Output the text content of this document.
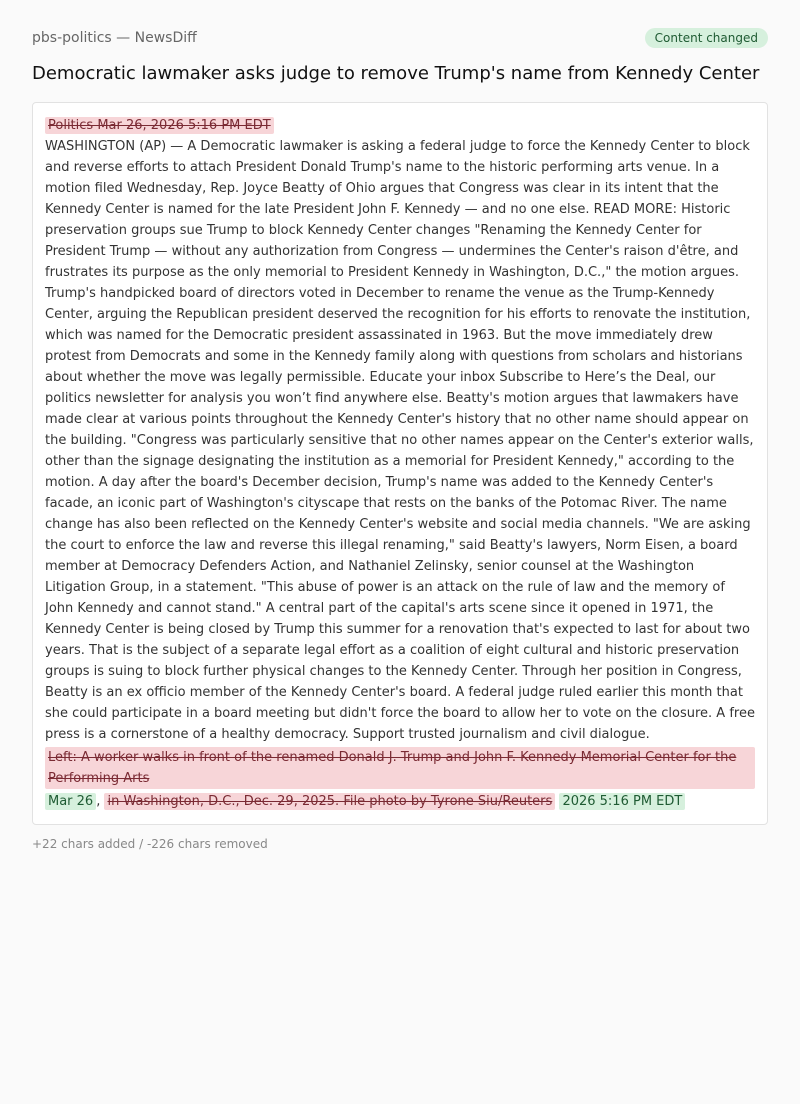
pbs-politics — NewsDiff	Content changed
Democratic lawmaker asks judge to remove Trump's name from Kennedy Center
Politics Mar 26, 2026 5:16 PM EDT
WASHINGTON (AP) — A Democratic lawmaker is asking a federal judge to force the Kennedy Center to block and reverse efforts to attach President Donald Trump's name to the historic performing arts venue. In a motion filed Wednesday, Rep. Joyce Beatty of Ohio argues that Congress was clear in its intent that the Kennedy Center is named for the late President John F. Kennedy — and no one else. READ MORE: Historic preservation groups sue Trump to block Kennedy Center changes "Renaming the Kennedy Center for President Trump — without any authorization from Congress — undermines the Center's raison d'être, and frustrates its purpose as the only memorial to President Kennedy in Washington, D.C.," the motion argues. Trump's handpicked board of directors voted in December to rename the venue as the Trump-Kennedy Center, arguing the Republican president deserved the recognition for his efforts to renovate the institution, which was named for the Democratic president assassinated in 1963. But the move immediately drew protest from Democrats and some in the Kennedy family along with questions from scholars and historians about whether the move was legally permissible. Educate your inbox Subscribe to Here’s the Deal, our politics newsletter for analysis you won’t find anywhere else. Beatty's motion argues that lawmakers have made clear at various points throughout the Kennedy Center's history that no other name should appear on the building. "Congress was particularly sensitive that no other names appear on the Center's exterior walls, other than the signage designating the institution as a memorial for President Kennedy," according to the motion. A day after the board's December decision, Trump's name was added to the Kennedy Center's facade, an iconic part of Washington's cityscape that rests on the banks of the Potomac River. The name change has also been reflected on the Kennedy Center's website and social media channels. "We are asking the court to enforce the law and reverse this illegal renaming," said Beatty's lawyers, Norm Eisen, a board member at Democracy Defenders Action, and Nathaniel Zelinsky, senior counsel at the Washington Litigation Group, in a statement. "This abuse of power is an attack on the rule of law and the memory of John Kennedy and cannot stand." A central part of the capital's arts scene since it opened in 1971, the Kennedy Center is being closed by Trump this summer for a renovation that's expected to last for about two years. That is the subject of a separate legal effort as a coalition of eight cultural and historic preservation groups is suing to block further physical changes to the Kennedy Center. Through her position in Congress, Beatty is an ex officio member of the Kennedy Center's board. A federal judge ruled earlier this month that she could participate in a board meeting but didn't force the board to allow her to vote on the closure. A free press is a cornerstone of a healthy democracy. Support trusted journalism and civil dialogue.
Left: A worker walks in front of the renamed Donald J. Trump and John F. Kennedy Memorial Center for the Performing Arts
Mar 26 , in Washington, D.C., Dec. 29, 2025. File photo by Tyrone Siu/Reuters 2026 5:16 PM EDT
+22 chars added / -226 chars removed
